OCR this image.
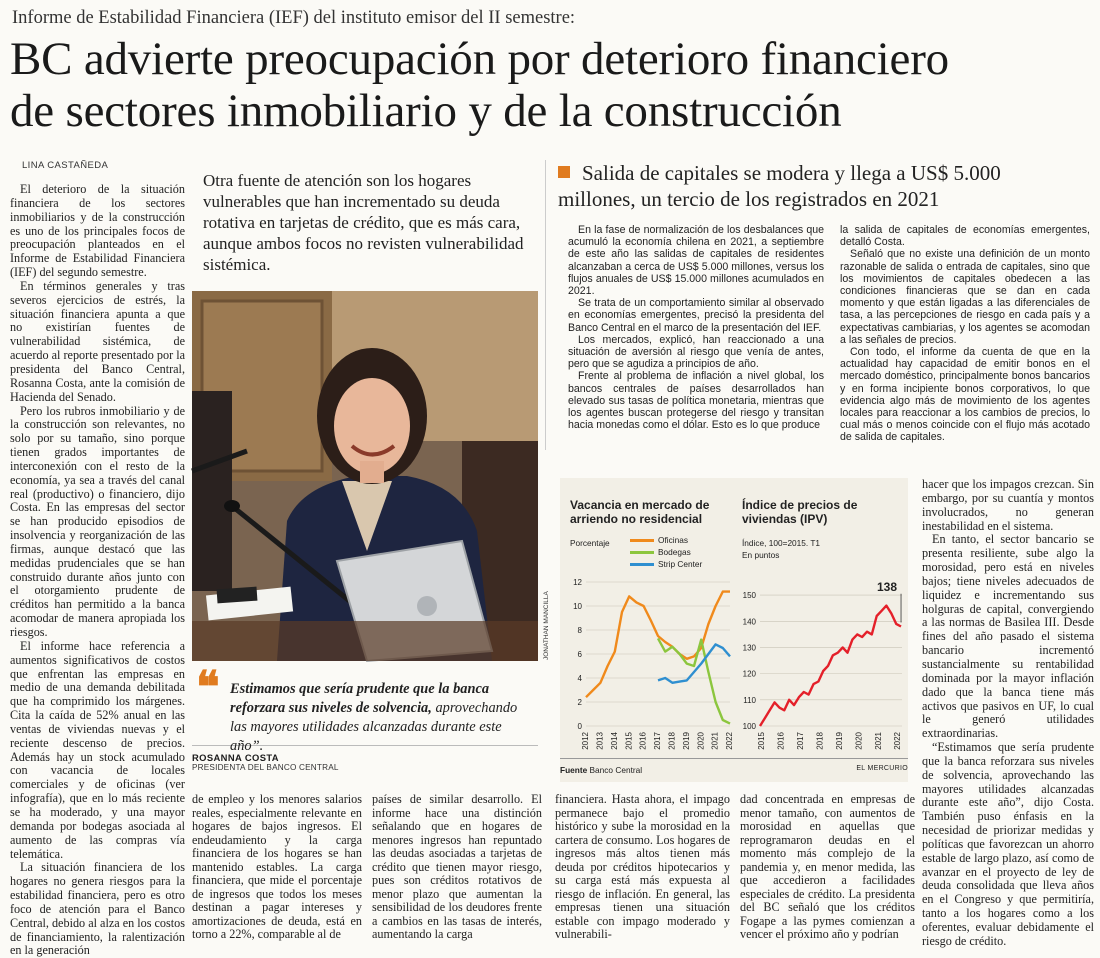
Informe de Estabilidad Financiera (IEF) del instituto emisor del II semestre:
BC advierte preocupación por deterioro financiero
de sectores inmobiliario y de la construcción
LINA CASTAÑEDA

El deterioro de la situación financiera de los sectores inmobiliarios y de la construcción es uno de los principales focos de preocupación planteados en el Informe de Estabilidad Financiera (IEF) del segundo semestre.

En términos generales y tras severos ejercicios de estrés, la situación financiera apunta a que no existirían fuentes de vulnerabilidad sistémica, de acuerdo al reporte presentado por la presidenta del Banco Central, Rosanna Costa, ante la comisión de Hacienda del Senado.

Pero los rubros inmobiliario y de la construcción son relevantes, no solo por su tamaño, sino porque tienen grados importantes de interconexión con el resto de la economía, ya sea a través del canal real (productivo) o financiero, dijo Costa. En las empresas del sector se han producido episodios de insolvencia y reorganización de las firmas, aunque destacó que las medidas prudenciales que se han construido durante años junto con el otorgamiento prudente de créditos han permitido a la banca acomodar de manera apropiada los riesgos.

El informe hace referencia a aumentos significativos de costos que enfrentan las empresas en medio de una demanda debilitada que ha comprimido los márgenes. Cita la caída de 52% anual en las ventas de viviendas nuevas y el reciente descenso de precios. Además hay un stock acumulado con vacancia de locales comerciales y de oficinas (ver infografía), que en lo más reciente se ha moderado, y una mayor demanda por bodegas asociada al aumento de las compras vía telemática.

La situación financiera de los hogares no genera riesgos para la estabilidad financiera, pero es otro foco de atención para el Banco Central, debido al alza en los costos de financiamiento, la ralentización en la generación

Otra fuente de atención son los hogares vulnerables que han incrementado su deuda rotativa en tarjetas de crédito, que es más cara, aunque ambos focos no revisten vulnerabilidad sistémica.
JONATHAN MANCILLA
❝ Estimamos que sería prudente que la banca reforzara sus niveles de solvencia, aprovechando las mayores utilidades alcanzadas durante este año”.
ROSANNA COSTA
PRESIDENTA DEL BANCO CENTRAL
de empleo y los menores salarios reales, especialmente relevante en hogares de bajos ingresos. El endeudamiento y la carga financiera de los hogares se han mantenido estables. La carga financiera, que mide el porcentaje de ingresos que todos los meses destinan a pagar intereses y amortizaciones de deuda, está en torno a 22%, comparable al de
países de similar desarrollo. El informe hace una distinción señalando que en hogares de menores ingresos han repuntado las deudas asociadas a tarjetas de crédito que tienen mayor riesgo, pues son créditos rotativos de menor plazo que aumentan la sensibilidad de los deudores frente a cambios en las tasas de interés, aumentando la carga
financiera. Hasta ahora, el impago permanece bajo el promedio histórico y sube la morosidad en la cartera de consumo. Los hogares de ingresos más altos tienen más deuda por créditos hipotecarios y su carga está más expuesta al riesgo de inflación. En general, las empresas tienen una situación estable con impago moderado y vulnerabili-
dad concentrada en empresas de menor tamaño, con aumentos de morosidad en aquellas que reprogramaron deudas en el momento más complejo de la pandemia y, en menor medida, las que accedieron a facilidades especiales de crédito. La presidenta del BC señaló que los créditos Fogape a las pymes comienzan a vencer el próximo año y podrían
Salida de capitales se modera y llega a US$ 5.000 millones, un tercio de los registrados en 2021

En la fase de normalización de los desbalances que acumuló la economía chilena en 2021, a septiembre de este año las salidas de capitales de residentes alcanzaban a cerca de US$ 5.000 millones, versus los flujos anuales de US$ 15.000 millones acumulados en 2021.

Se trata de un comportamiento similar al observado en economías emergentes, precisó la presidenta del Banco Central en el marco de la presentación del IEF.

Los mercados, explicó, han reaccionado a una situación de aversión al riesgo que venía de antes, pero que se agudiza a principios de año.

Frente al problema de inflación a nivel global, los bancos centrales de países desarrollados han elevado sus tasas de política monetaria, mientras que los agentes buscan protegerse del riesgo y transitan hacia monedas como el dólar. Esto es lo que produce

la salida de capitales de economías emergentes, detalló Costa.

Señaló que no existe una definición de un monto razonable de salida o entrada de capitales, sino que los movimientos de capitales obedecen a las condiciones financieras que se dan en cada momento y que están ligadas a las diferenciales de tasa, a las percepciones de riesgo en cada país y a expectativas cambiarias, y los agentes se acomodan a las señales de precios.

Con todo, el informe da cuenta de que en la actualidad hay capacidad de emitir bonos en el mercado doméstico, principalmente bonos bancarios y en forma incipiente bonos corporativos, lo que evidencia algo más de movimiento de los agentes locales para reaccionar a los cambios de precios, lo cual más o menos coincide con el flujo más acotado de salida de capitales.

Vacancia en mercado de arriendo no residencial
Porcentaje
Índice de precios de viviendas (IPV)
Índice, 100=2015. T1
En puntos
Oficinas
Bodegas
Strip Center
0
2
4
6
8
10
12
2012 2013 2014 2015 2016 2017 2018 2019 2020 2021 2022
100
110
120
130
140
150
2015 2016 2017 2018 2019 2020 2021 2022
138
Fuente Banco Central	EL MERCURIO

hacer que los impagos crezcan. Sin embargo, por su cuantía y montos involucrados, no generan inestabilidad en el sistema.

En tanto, el sector bancario se presenta resiliente, sube algo la morosidad, pero está en niveles bajos; tiene niveles adecuados de liquidez e incrementando sus holguras de capital, convergiendo a las normas de Basilea III. Desde fines del año pasado el sistema bancario incrementó sustancialmente su rentabilidad dominada por la mayor inflación dado que la banca tiene más activos que pasivos en UF, lo cual le generó utilidades extraordinarias.

“Estimamos que sería prudente que la banca reforzara sus niveles de solvencia, aprovechando las mayores utilidades alcanzadas durante este año”, dijo Costa. También puso énfasis en la necesidad de priorizar medidas y políticas que favorezcan un ahorro estable de largo plazo, así como de avanzar en el proyecto de ley de deuda consolidada que lleva años en el Congreso y que permitiría, tanto a los hogares como a los oferentes, evaluar debidamente el riesgo de crédito.
